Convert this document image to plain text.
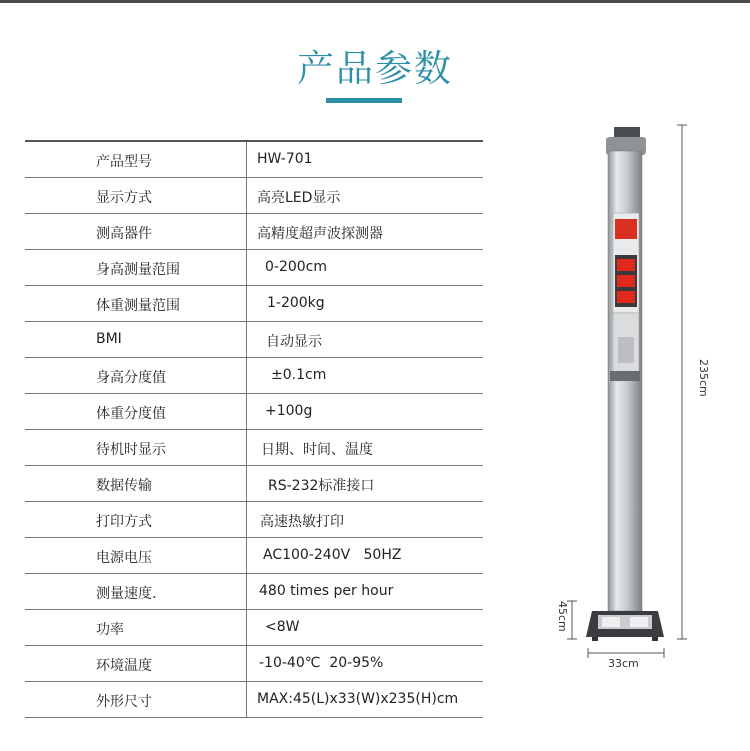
产品参数
产品型号	HW-701
显示方式	高亮LED显示
测高器件	高精度超声波探测器
身高测量范围	0-200cm
体重测量范围	1-200kg
BMI	自动显示
身高分度值	±0.1cm
体重分度值	+100g
待机时显示	日期、时间、温度
数据传输	RS-232标准接口
打印方式	高速热敏打印
电源电压	AC100-240V   50HZ
测量速度.	480 times per hour
功率	<8W
环境温度	-10-40℃  20-95%
外形尺寸	MAX:45(L)x33(W)x235(H)cm
235cm
45cm
33cm
